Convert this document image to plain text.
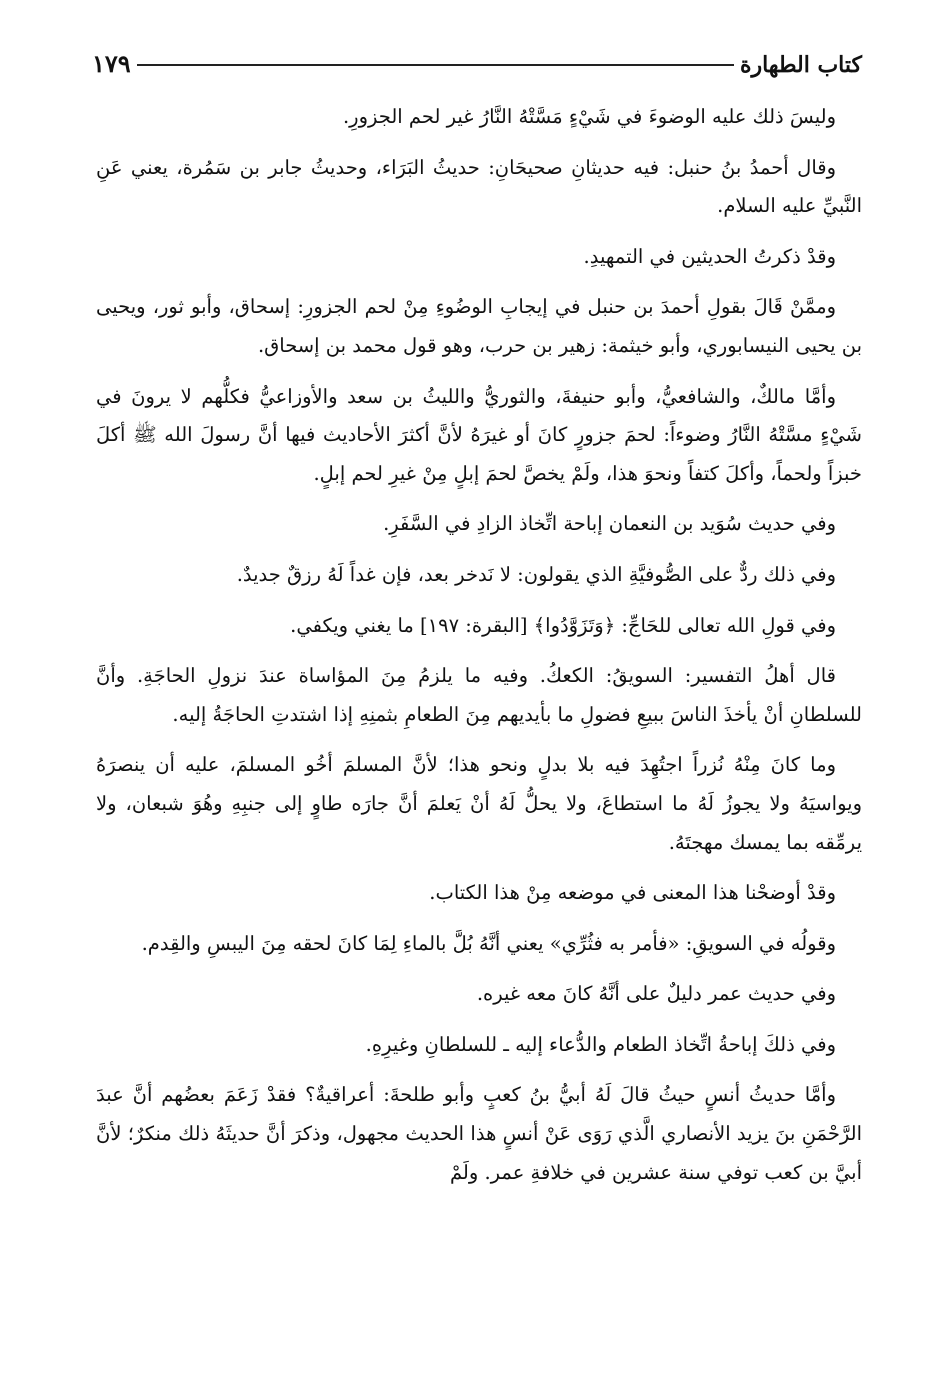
كتاب الطهارة
١٧٩

وليسَ ذلك عليه الوضوءَ في شَيْءٍ مَسَّتْهُ النَّارُ غير لحم الجزورِ.

وقال أحمدُ بنُ حنبل: فيه حديثانِ صحيحَانِ: حديثُ البَرَاء، وحديثُ جابر بن سَمُرة، يعني عَنِ النَّبيِّ عليه السلام.

وقدْ ذكرتُ الحديثين في التمهيدِ.

وممَّنْ قَالَ بقولِ أحمدَ بن حنبل في إيجابِ الوضُوءِ مِنْ لحم الجزورِ: إسحاق، وأبو ثور، ويحيى بن يحيى النيسابوري، وأبو خيثمة: زهير بن حرب، وهو قول محمد بن إسحاق.

وأمَّا مالكٌ، والشافعيُّ، وأبو حنيفةَ، والثوريُّ والليثُ بن سعد والأوزاعيُّ فكلُّهم لا يرونَ في شَيْءٍ مسَّتْهُ النَّارُ وضوءاً: لحمَ جزورٍ كانَ أو غيرَهُ لأنَّ أكثرَ الأحاديث فيها أنَّ رسولَ الله ﷺ أكلَ خبزاً ولحماً، وأكلَ كتفاً ونحوَ هذا، ولَمْ يخصَّ لحمَ إبلٍ مِنْ غيرِ لحم إبلٍ.

وفي حديث سُوَيد بن النعمان إباحة اتِّخاذ الزادِ في السَّفَرِ.

وفي ذلك ردٌّ على الصُّوفيَّةِ الذي يقولون: لا نَدخر بعد، فإن غداً لَهُ رزقٌ جديدٌ.

وفي قولِ الله تعالى للحَاجِّ: ﴿وَتَزَوَّدُوا﴾ [البقرة: ١٩٧] ما يغني ويكفي.

قال أهلُ التفسير: السويقُ: الكعكُ. وفيه ما يلزمُ مِنَ المؤاساة عندَ نزولِ الحاجَةِ. وأنَّ للسلطانِ أنْ يأخذَ الناسَ ببيعِ فضولِ ما بأيديهم مِنَ الطعامِ بثمنِهِ إذا اشتدتِ الحاجَةُ إليه.

وما كانَ مِنْهُ نُزراً اجتُهِدَ فيه بلا بدلٍ ونحو هذا؛ لأنَّ المسلمَ أخُو المسلمَ، عليه أن ينصرَهُ ويواسيَهُ ولا يجوزُ لَهُ ما استطاعَ، ولا يحلُّ لَهُ أنْ يَعلمَ أنَّ جارَه طاوٍ إلى جنبِهِ وهُوَ شبعان، ولا يرمِّقه بما يمسك مهجتَهُ.

وقدْ أوضحْنا هذا المعنى في موضعه مِنْ هذا الكتاب.

وقولُه في السويقِ: «فأمر به فثُرِّي» يعني أنَّهُ بُلَّ بالماءِ لِمَا كانَ لحقه مِنَ اليبسِ والقِدم.

وفي حديث عمر دليلٌ على أنَّهُ كانَ معه غيره.

وفي ذلكَ إباحةُ اتِّخاذ الطعام والدُّعاء إليه ـ للسلطانِ وغيرِهِ.

وأمَّا حديثُ أنسٍ حيثُ قالَ لَهُ أبيُّ بنُ كعبٍ وأبو طلحةَ: أعراقيةٌ؟ فقدْ زَعَمَ بعضُهم أنَّ عبدَ الرَّحْمَنِ بنَ يزيد الأنصاري الَّذي رَوَى عَنْ أنسٍ هذا الحديث مجهول، وذكرَ أنَّ حديثَهُ ذلك منكرٌ؛ لأنَّ أبيَّ بن كعب توفي سنة عشرين في خلافةِ عمر. ولَمْ
